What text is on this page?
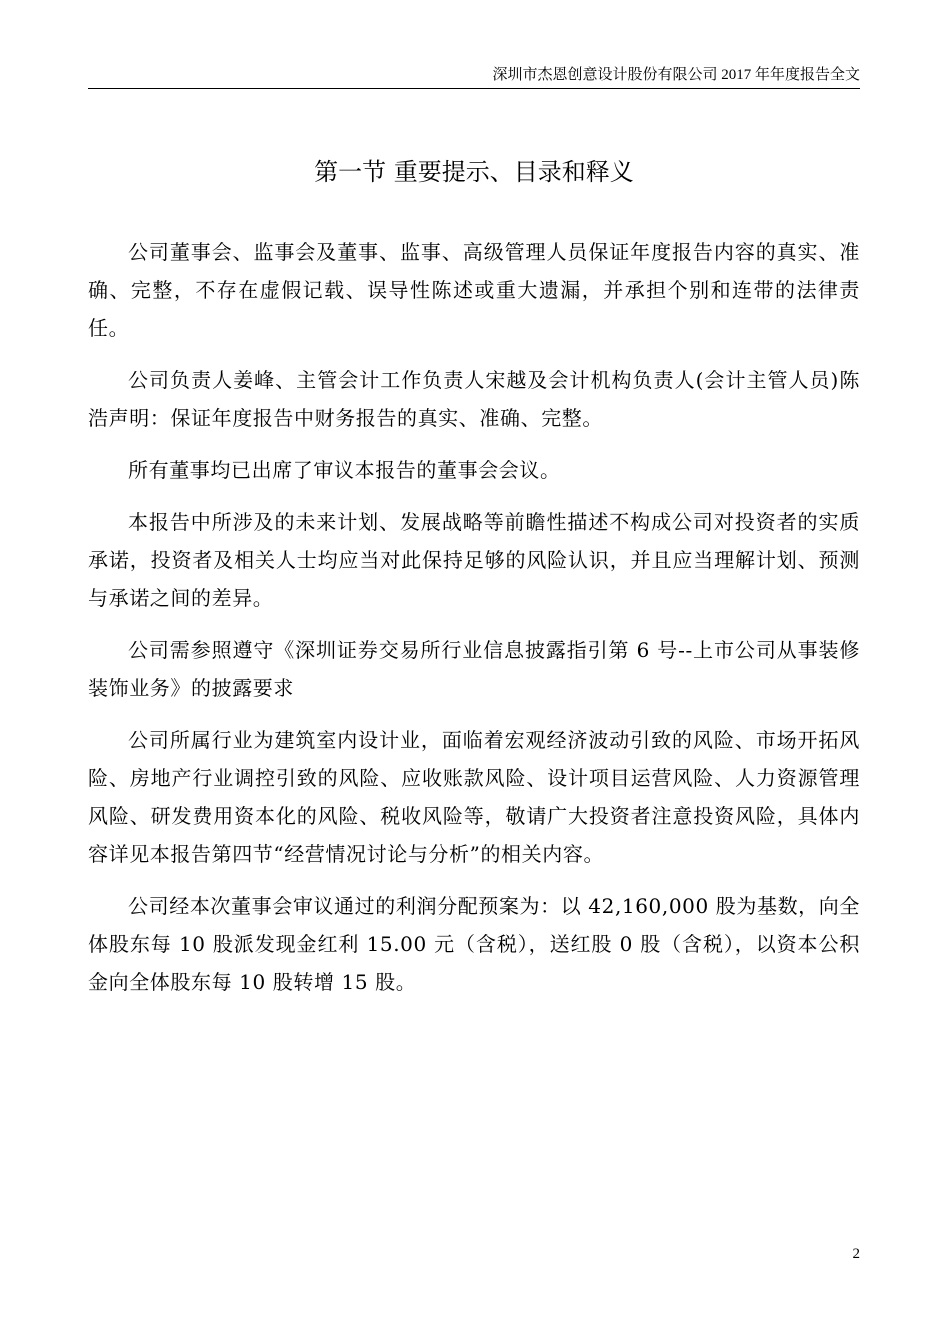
深圳市杰恩创意设计股份有限公司 2017 年年度报告全文
第一节 重要提示、目录和释义

公司董事会、监事会及董事、监事、高级管理人员保证年度报告内容的真实、准确、完整，不存在虚假记载、误导性陈述或重大遗漏，并承担个别和连带的法律责任。

公司负责人姜峰、主管会计工作负责人宋越及会计机构负责人(会计主管人员)陈浩声明：保证年度报告中财务报告的真实、准确、完整。

所有董事均已出席了审议本报告的董事会会议。

本报告中所涉及的未来计划、发展战略等前瞻性描述不构成公司对投资者的实质承诺，投资者及相关人士均应当对此保持足够的风险认识，并且应当理解计划、预测与承诺之间的差异。

公司需参照遵守《深圳证券交易所行业信息披露指引第 6 号--上市公司从事装修装饰业务》的披露要求

公司所属行业为建筑室内设计业，面临着宏观经济波动引致的风险、市场开拓风险、房地产行业调控引致的风险、应收账款风险、设计项目运营风险、人力资源管理风险、研发费用资本化的风险、税收风险等，敬请广大投资者注意投资风险，具体内容详见本报告第四节“经营情况讨论与分析”的相关内容。

公司经本次董事会审议通过的利润分配预案为：以 42,160,000 股为基数，向全体股东每 10 股派发现金红利 15.00 元（含税），送红股 0 股（含税），以资本公积金向全体股东每 10 股转增 15 股。

2
